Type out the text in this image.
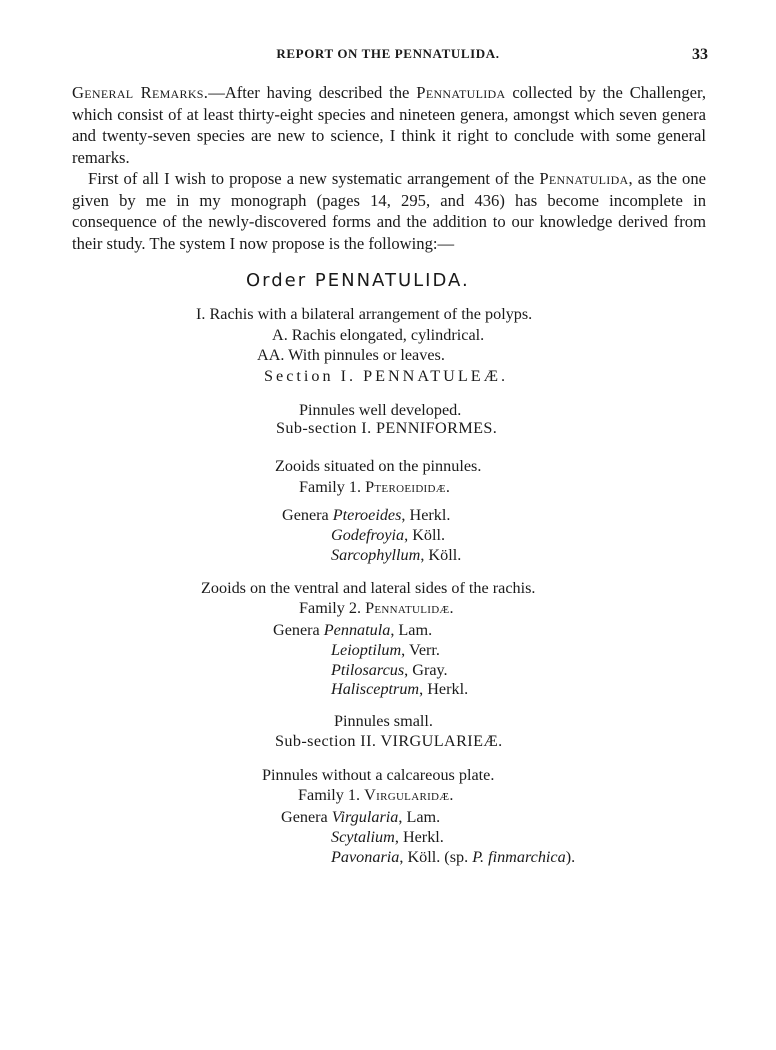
REPORT ON THE PENNATULIDA.	33

General Remarks.—After having described the Pennatulida collected by the Challenger, which consist of at least thirty-eight species and nineteen genera, amongst which seven genera and twenty-seven species are new to science, I think it right to conclude with some general remarks.

First of all I wish to propose a new systematic arrangement of the Pennatulida, as the one given by me in my monograph (pages 14, 295, and 436) has become incomplete in consequence of the newly-discovered forms and the addition to our knowledge derived from their study. The system I now propose is the following:—

Order PENNATULIDA.
I. Rachis with a bilateral arrangement of the polyps.
A. Rachis elongated, cylindrical.
AA. With pinnules or leaves.
Section I. PENNATULEÆ.
Pinnules well developed.
Sub-section I. PENNIFORMES.
Zooids situated on the pinnules.
Family 1. Pteroeididæ.
Genera Pteroeides, Herkl.
Godefroyia, Köll.
Sarcophyllum, Köll.
Zooids on the ventral and lateral sides of the rachis.
Family 2. Pennatulidæ.
Genera Pennatula, Lam.
Leioptilum, Verr.
Ptilosarcus, Gray.
Halisceptrum, Herkl.
Pinnules small.
Sub-section II. VIRGULARIEÆ.
Pinnules without a calcareous plate.
Family 1. Virgularidæ.
Genera Virgularia, Lam.
Scytalium, Herkl.
Pavonaria, Köll. (sp. P. finmarchica).
